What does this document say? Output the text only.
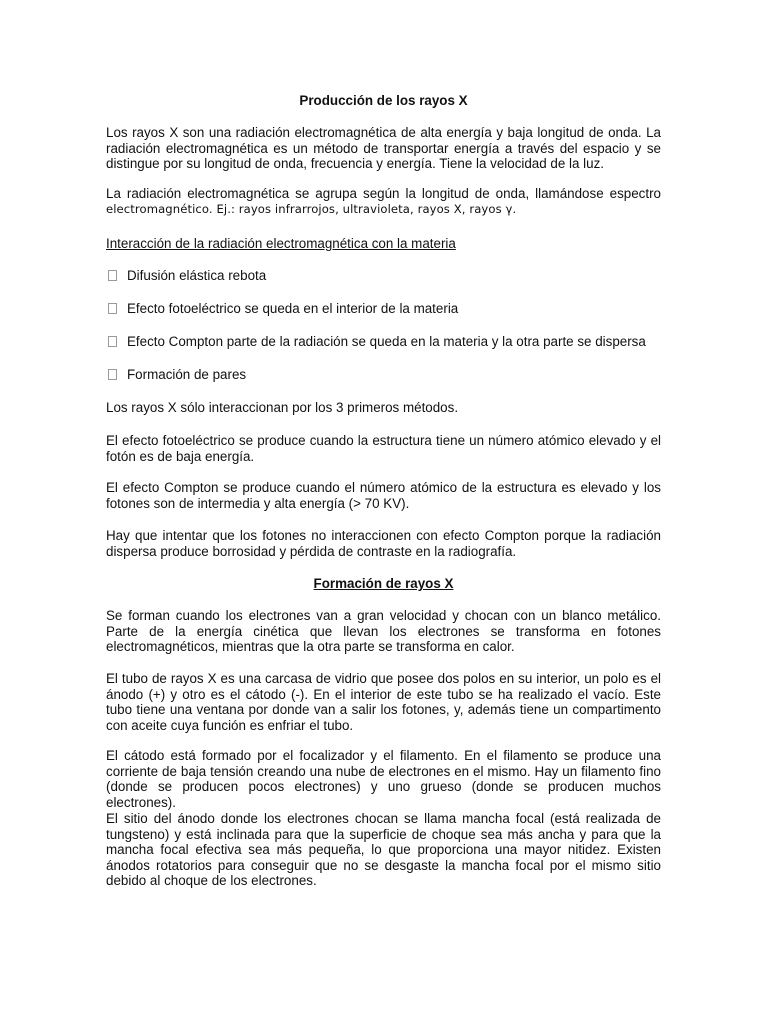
Producción de los rayos X

Los rayos X son una radiación electromagnética de alta energía y baja longitud de onda. La radiación electromagnética es un método de transportar energía a través del espacio y se distingue por su longitud de onda, frecuencia y energía. Tiene la velocidad de la luz.

La radiación electromagnética se agrupa según la longitud de onda, llamándose espectro
electromagnético. Ej.: rayos infrarrojos, ultravioleta, rayos X, rayos γ.

Interacción de la radiación electromagnética con la materia

Difusión elástica rebota
Efecto fotoeléctrico se queda en el interior de la materia
Efecto Compton parte de la radiación se queda en la materia y la otra parte se dispersa
Formación de pares

Los rayos X sólo interaccionan por los 3 primeros métodos.

El efecto fotoeléctrico se produce cuando la estructura tiene un número atómico elevado y el fotón es de baja energía.

El efecto Compton se produce cuando el número atómico de la estructura es elevado y los fotones son de intermedia y alta energía (> 70 KV).

Hay que intentar que los fotones no interaccionen con efecto Compton porque la radiación dispersa produce borrosidad y pérdida de contraste en la radiografía.

Formación de rayos X

Se forman cuando los electrones van a gran velocidad y chocan con un blanco metálico. Parte de la energía cinética que llevan los electrones se transforma en fotones electromagnéticos, mientras que la otra parte se transforma en calor.

El tubo de rayos X es una carcasa de vidrio que posee dos polos en su interior, un polo es el ánodo (+) y otro es el cátodo (-). En el interior de este tubo se ha realizado el vacío. Este tubo tiene una ventana por donde van a salir los fotones, y, además tiene un compartimento con aceite cuya función es enfriar el tubo.

El cátodo está formado por el focalizador y el filamento. En el filamento se produce una corriente de baja tensión creando una nube de electrones en el mismo. Hay un filamento fino (donde se producen pocos electrones) y uno grueso (donde se producen muchos electrones).

El sitio del ánodo donde los electrones chocan se llama mancha focal (está realizada de tungsteno) y está inclinada para que la superficie de choque sea más ancha y para que la mancha focal efectiva sea más pequeña, lo que proporciona una mayor nitidez. Existen ánodos rotatorios para conseguir que no se desgaste la mancha focal por el mismo sitio debido al choque de los electrones.
